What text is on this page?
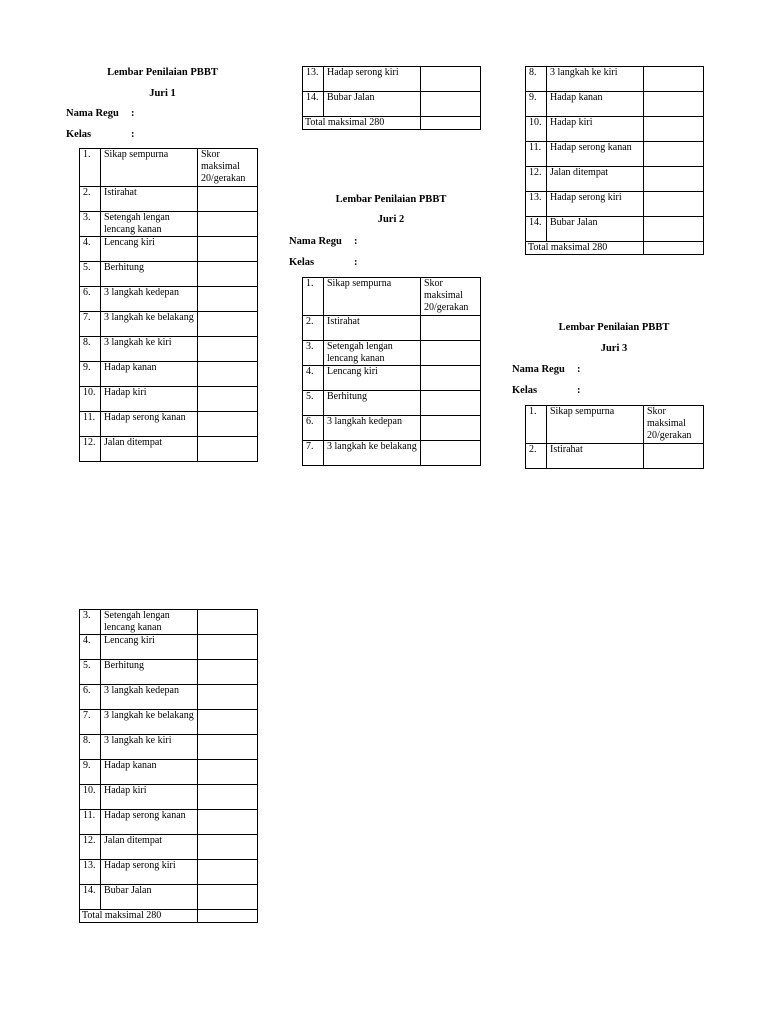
Lembar Penilaian PBBT
Juri 1
Nama Regu :
Kelas	:
1.	Sikap sempurna	Skor maksimal 20/gerakan
2.	Istirahat	
3.	Setengah lengan lencang kanan	
4.	Lencang kiri	
5.	Berhitung	
6.	3 langkah kedepan	
7.	3 langkah ke belakang	
8.	3 langkah ke kiri	
9.	Hadap kanan	
10.	Hadap kiri	
11.	Hadap serong kanan	
12.	Jalan ditempat	
3.	Setengah lengan lencang kanan	
4.	Lencang kiri	
5.	Berhitung	
6.	3 langkah kedepan	
7.	3 langkah ke belakang	
8.	3 langkah ke kiri	
9.	Hadap kanan	
10.	Hadap kiri	
11.	Hadap serong kanan	
12.	Jalan ditempat	
13.	Hadap serong kiri	
14.	Bubar Jalan	
Total maksimal 280		
13.	Hadap serong kiri	
14.	Bubar Jalan	
Total maksimal 280		
Lembar Penilaian PBBT
Juri 2
Nama Regu :
Kelas	:
1.	Sikap sempurna	Skor maksimal 20/gerakan
2.	Istirahat	
3.	Setengah lengan lencang kanan	
4.	Lencang kiri	
5.	Berhitung	
6.	3 langkah kedepan	
7.	3 langkah ke belakang	
8.	3 langkah ke kiri	
9.	Hadap kanan	
10.	Hadap kiri	
11.	Hadap serong kanan	
12.	Jalan ditempat	
13.	Hadap serong kiri	
14.	Bubar Jalan	
Total maksimal 280		
Lembar Penilaian PBBT
Juri 3
Nama Regu :
Kelas	:
1.	Sikap sempurna	Skor maksimal 20/gerakan
2.	Istirahat	
